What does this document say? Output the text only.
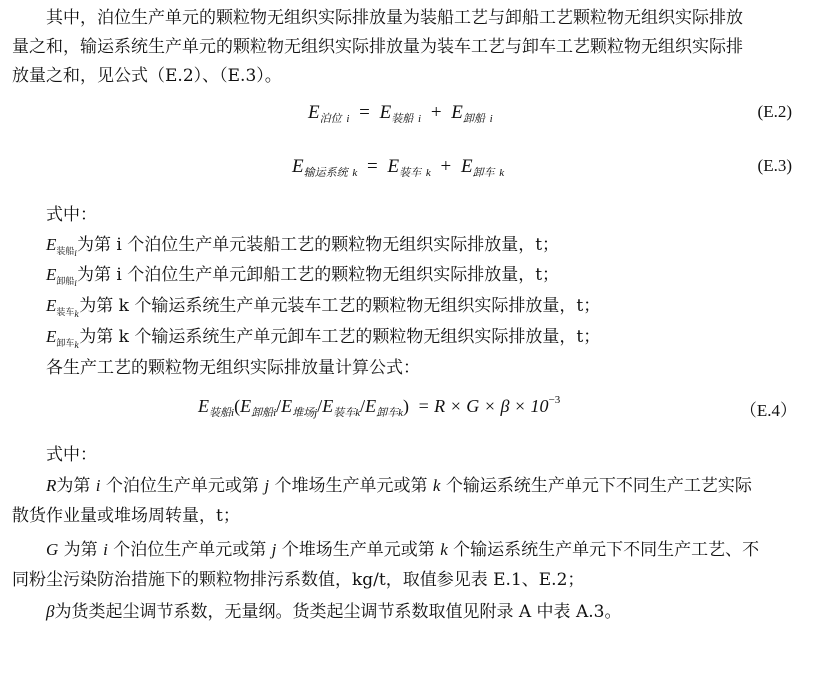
其中，泊位生产单元的颗粒物无组织实际排放量为装船工艺与卸船工艺颗粒物无组织实际排放
量之和，输运系统生产单元的颗粒物无组织实际排放量为装车工艺与卸车工艺颗粒物无组织实际排
放量之和，见公式（E.2）、（E.3）。
$E_{泊位}$ $_i = E_{装船}$ $_i + E_{卸船}$ $_i$	(E.2)
$E_{输运系统}$ $_k = E_{装车}$ $_k + E_{卸车}$ $_k$	(E.3)
式中：
$E_{装船i}$为第 i 个泊位生产单元装船工艺的颗粒物无组织实际排放量，t；
$E_{卸船i}$为第 i 个泊位生产单元卸船工艺的颗粒物无组织实际排放量，t；
$E_{装车k}$为第 k 个输运系统生产单元装车工艺的颗粒物无组织实际排放量，t；
$E_{卸车k}$为第 k 个输运系统生产单元卸车工艺的颗粒物无组织实际排放量，t；
各生产工艺的颗粒物无组织实际排放量计算公式：
$E_{装船i}(E_{卸船i}/E_{堆场j}/E_{装车k}/E_{卸车k}) = R \times G \times \beta \times 10^{-3}$
（E.4）
式中：
R为第 i 个泊位生产单元或第 j 个堆场生产单元或第 k 个输运系统生产单元下不同生产工艺实际
散货作业量或堆场周转量，t；
G 为第 i 个泊位生产单元或第 j 个堆场生产单元或第 k 个输运系统生产单元下不同生产工艺、不
同粉尘污染防治措施下的颗粒物排污系数值，kg/t，取值参见表 E.1、E.2；
β为货类起尘调节系数，无量纲。货类起尘调节系数取值见附录 A 中表 A.3。
